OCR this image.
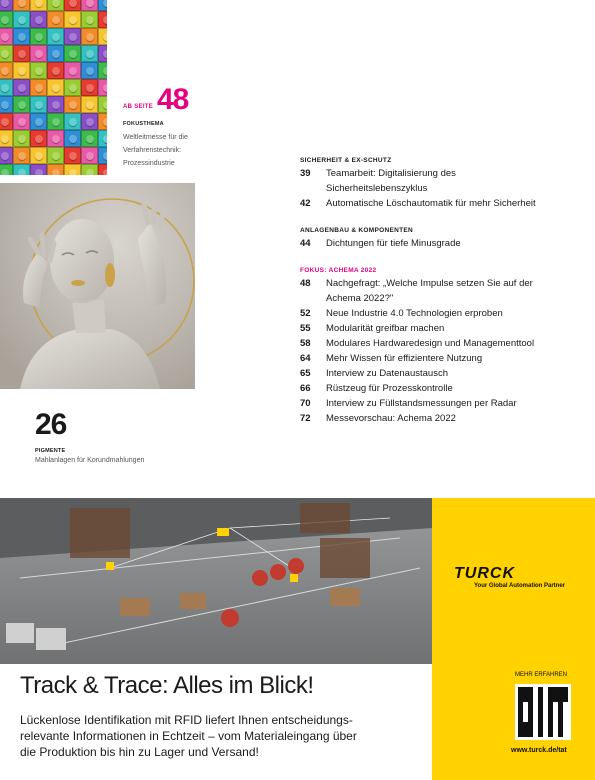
48
AB SEITE
FOKUSTHEMA
Weltleitmesse für die Verfahrenstechnik:
Prozessindustrie
26
PIGMENTE
Mahlanlagen für Korundmahlungen
SICHERHEIT & EX-SCHUTZ
39	Teamarbeit: Digitalisierung des
Sicherheitslebenszyklus
42	Automatische Löschautomatik für mehr Sicherheit
ANLAGENBAU & KOMPONENTEN
44	Dichtungen für tiefe Minusgrade
FOKUS: ACHEMA 2022
48	Nachgefragt: „Welche Impulse setzen Sie auf der
Achema 2022?"
52	Neue Industrie 4.0 Technologien erproben
55	Modularität greifbar machen
58	Modulares Hardwaredesign und Managementtool
64	Mehr Wissen für effizientere Nutzung
65	Interview zu Datenaustausch
66	Rüstzeug für Prozesskontrolle
70	Interview zu Füllstandsmessungen per Radar
72	Messevorschau: Achema 2022
TURCK
Your Global Automation Partner
MEHR ERFAHREN
www.turck.de/tat
Track & Trace: Alles im Blick!
Lückenlose Identifikation mit RFID liefert Ihnen entscheidungs-
relevante Informationen in Echtzeit – vom Materialeingang über
die Produktion bis hin zu Lager und Versand!
